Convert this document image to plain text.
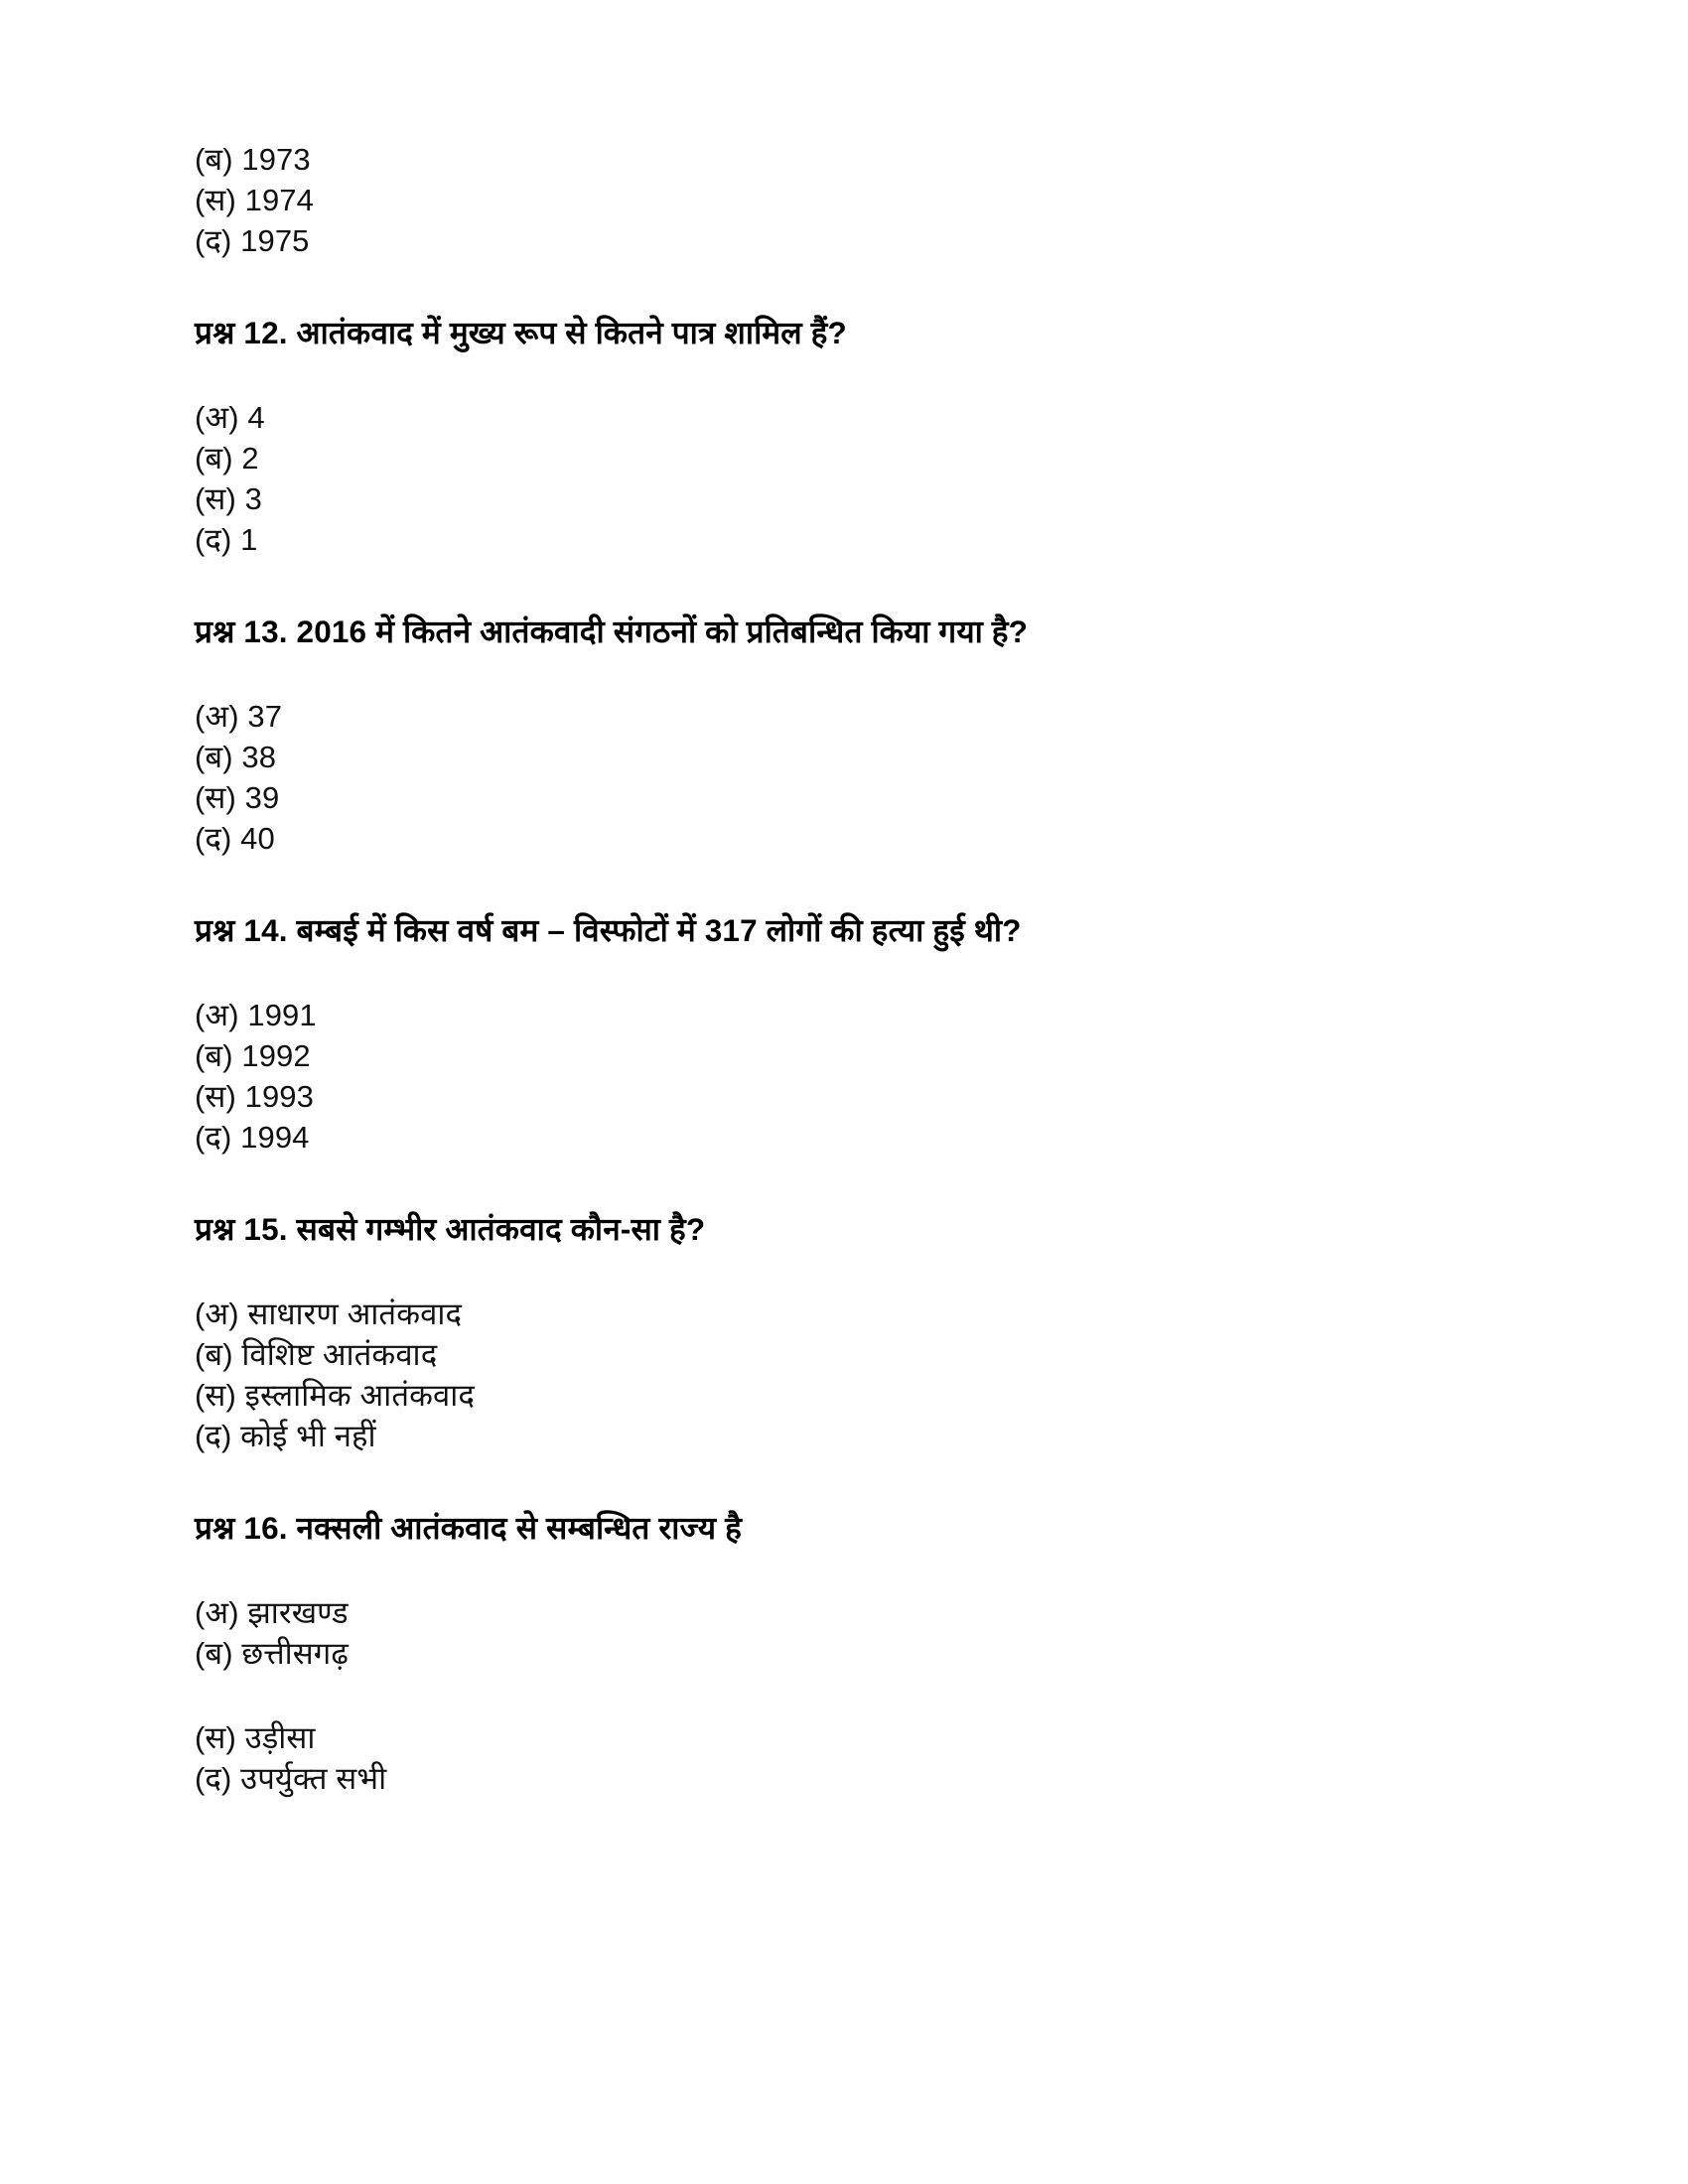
(ब) 1973
(स) 1974
(द) 1975
प्रश्न 12. आतंकवाद में मुख्य रूप से कितने पात्र शामिल हैं?
(अ) 4
(ब) 2
(स) 3
(द) 1
प्रश्न 13. 2016 में कितने आतंकवादी संगठनों को प्रतिबन्धित किया गया है?
(अ) 37
(ब) 38
(स) 39
(द) 40
प्रश्न 14. बम्बई में किस वर्ष बम – विस्फोटों में 317 लोगों की हत्या हुई थी?
(अ) 1991
(ब) 1992
(स) 1993
(द) 1994
प्रश्न 15. सबसे गम्भीर आतंकवाद कौन-सा है?
(अ) साधारण आतंकवाद
(ब) विशिष्ट आतंकवाद
(स) इस्लामिक आतंकवाद
(द) कोई भी नहीं
प्रश्न 16. नक्सली आतंकवाद से सम्बन्धित राज्य है
(अ) झारखण्ड
(ब) छत्तीसगढ़
(स) उड़ीसा
(द) उपर्युक्त सभी
